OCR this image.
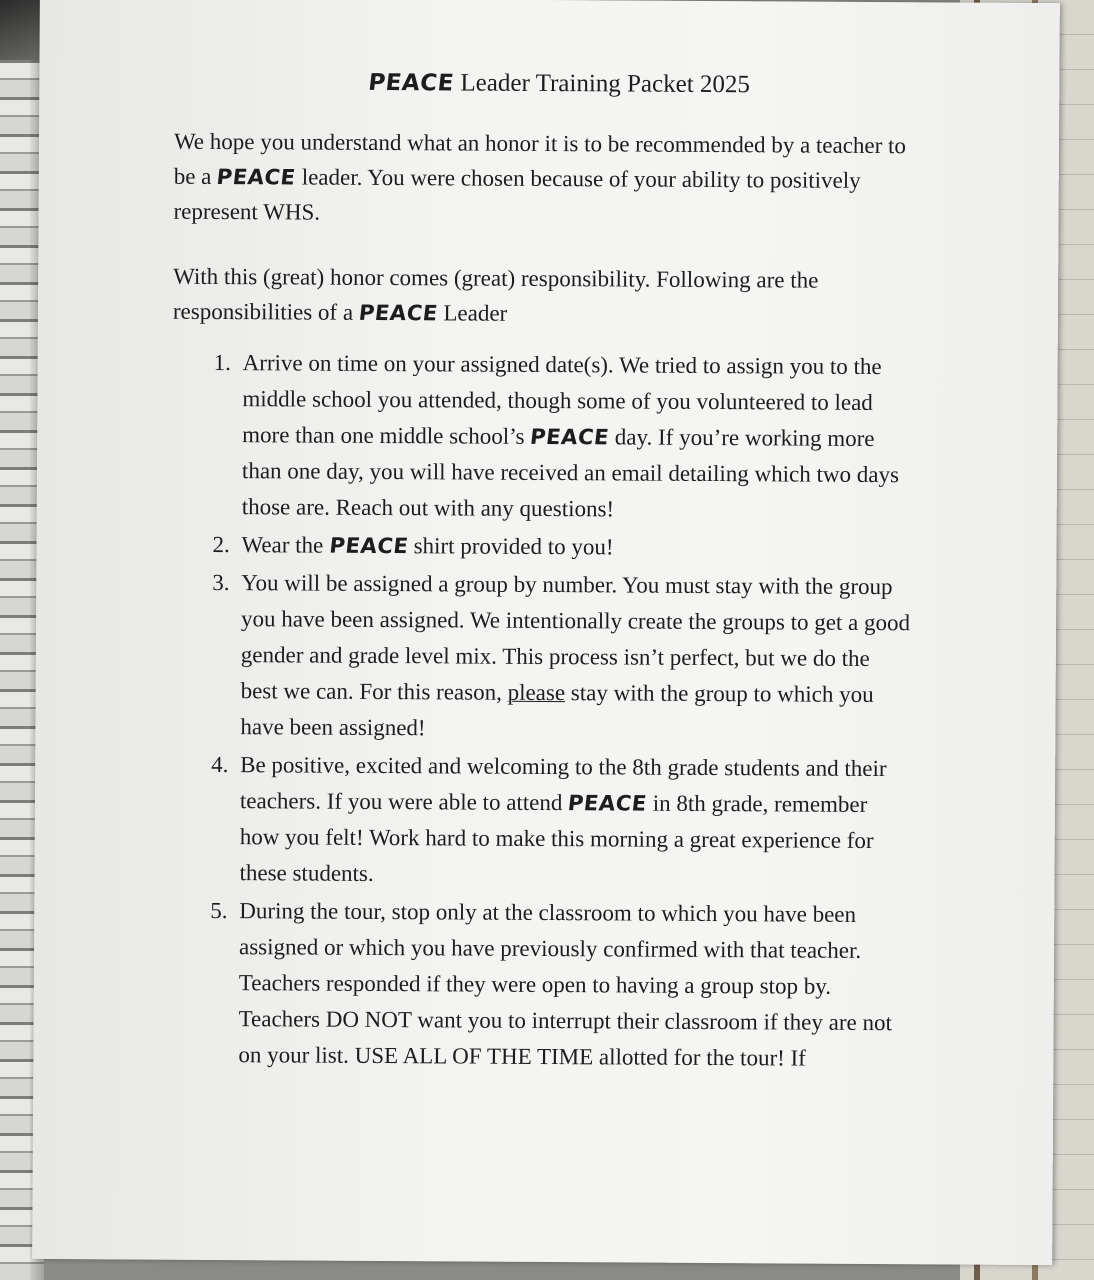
PEACE Leader Training Packet 2025

We hope you understand what an honor it is to be recommended by a teacher to be a PEACE leader. You were chosen because of your ability to positively represent WHS.

With this (great) honor comes (great) responsibility. Following are the responsibilities of a PEACE Leader

1. Arrive on time on your assigned date(s). We tried to assign you to the middle school you attended, though some of you volunteered to lead more than one middle school’s PEACE day. If you’re working more than one day, you will have received an email detailing which two days those are. Reach out with any questions!
2. Wear the PEACE shirt provided to you!
3. You will be assigned a group by number. You must stay with the group you have been assigned. We intentionally create the groups to get a good gender and grade level mix. This process isn’t perfect, but we do the best we can. For this reason, please stay with the group to which you have been assigned!
4. Be positive, excited and welcoming to the 8th grade students and their teachers. If you were able to attend PEACE in 8th grade, remember how you felt! Work hard to make this morning a great experience for these students.
5. During the tour, stop only at the classroom to which you have been assigned or which you have previously confirmed with that teacher. Teachers responded if they were open to having a group stop by. Teachers DO NOT want you to interrupt their classroom if they are not on your list. USE ALL OF THE TIME allotted for the tour! If
